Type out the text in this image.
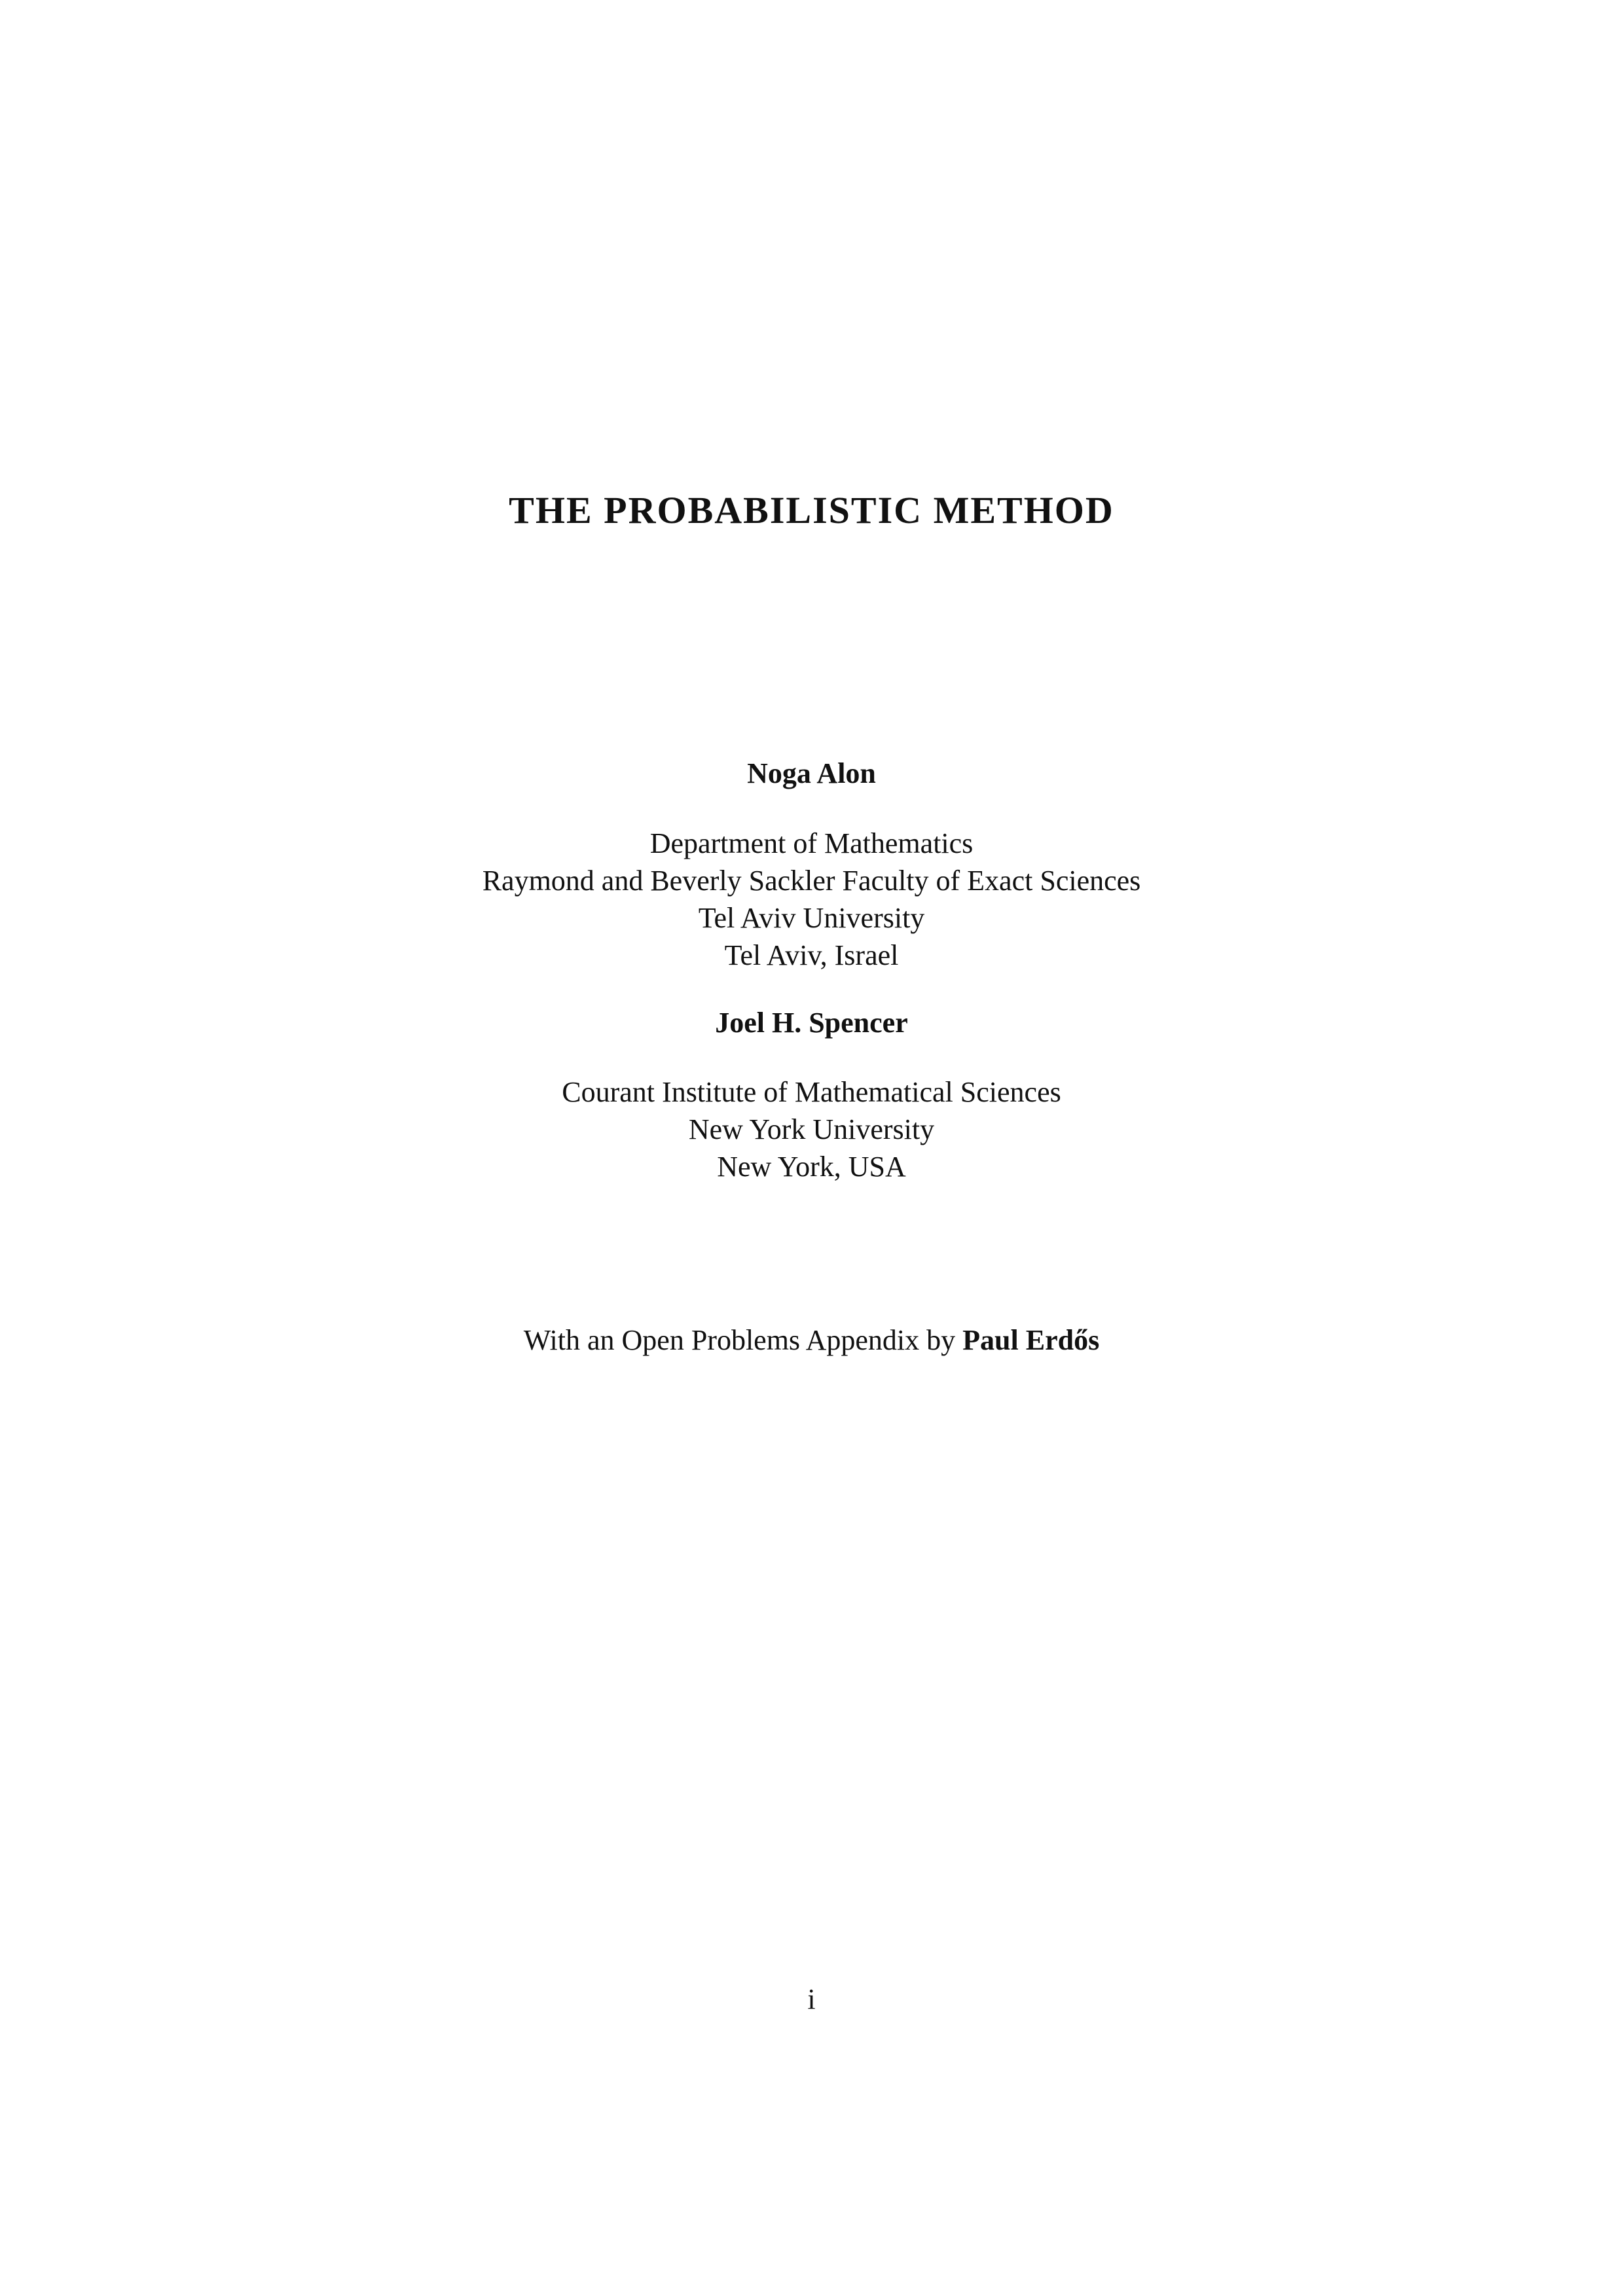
THE PROBABILISTIC METHOD
Noga Alon
Department of Mathematics
Raymond and Beverly Sackler Faculty of Exact Sciences
Tel Aviv University
Tel Aviv, Israel
Joel H. Spencer
Courant Institute of Mathematical Sciences
New York University
New York, USA
With an Open Problems Appendix by Paul Erdős
i
